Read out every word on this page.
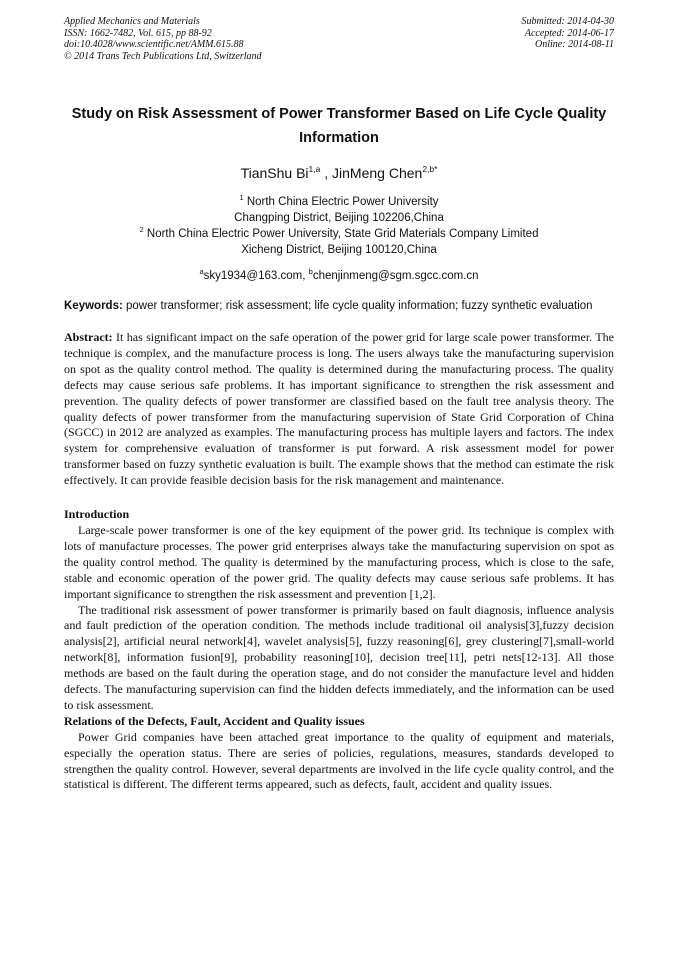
Applied Mechanics and Materials
ISSN: 1662-7482, Vol. 615, pp 88-92
doi:10.4028/www.scientific.net/AMM.615.88
© 2014 Trans Tech Publications Ltd, Switzerland
Submitted: 2014-04-30
Accepted: 2014-06-17
Online: 2014-08-11
Study on Risk Assessment of Power Transformer Based on Life Cycle Quality Information
TianShu Bi$^{1,a}$ , JinMeng Chen$^{2,b*}$
$^1$ North China Electric Power University
Changping District, Beijing 102206,China
$^2$ North China Electric Power University, State Grid Materials Company Limited
Xicheng District, Beijing 100120,China
$^a$sky1934@163.com, $^b$chenjinmeng@sgm.sgcc.com.cn
Keywords: power transformer; risk assessment; life cycle quality information; fuzzy synthetic evaluation
Abstract: It has significant impact on the safe operation of the power grid for large scale power transformer. The technique is complex, and the manufacture process is long. The users always take the manufacturing supervision on spot as the quality control method. The quality is determined during the manufacturing process. The quality defects may cause serious safe problems. It has important significance to strengthen the risk assessment and prevention. The quality defects of power transformer are classified based on the fault tree analysis theory. The quality defects of power transformer from the manufacturing supervision of State Grid Corporation of China (SGCC) in 2012 are analyzed as examples. The manufacturing process has multiple layers and factors. The index system for comprehensive evaluation of transformer is put forward. A risk assessment model for power transformer based on fuzzy synthetic evaluation is built. The example shows that the method can estimate the risk effectively. It can provide feasible decision basis for the risk management and maintenance.
Introduction

Large-scale power transformer is one of the key equipment of the power grid. Its technique is complex with lots of manufacture processes. The power grid enterprises always take the manufacturing supervision on spot as the quality control method. The quality is determined by the manufacturing process, which is close to the safe, stable and economic operation of the power grid. The quality defects may cause serious safe problems. It has important significance to strengthen the risk assessment and prevention [1,2].

The traditional risk assessment of power transformer is primarily based on fault diagnosis, influence analysis and fault prediction of the operation condition. The methods include traditional oil analysis[3],fuzzy decision analysis[2], artificial neural network[4], wavelet analysis[5], fuzzy reasoning[6], grey clustering[7],small-world network[8], information fusion[9], probability reasoning[10], decision tree[11], petri nets[12-13]. All those methods are based on the fault during the operation stage, and do not consider the manufacture level and hidden defects. The manufacturing supervision can find the hidden defects immediately, and the information can be used to risk assessment.

Relations of the Defects, Fault, Accident and Quality issues

Power Grid companies have been attached great importance to the quality of equipment and materials, especially the operation status. There are series of policies, regulations, measures, standards developed to strengthen the quality control. However, several departments are involved in the life cycle quality control, and the statistical is different. The different terms appeared, such as defects, fault, accident and quality issues.
